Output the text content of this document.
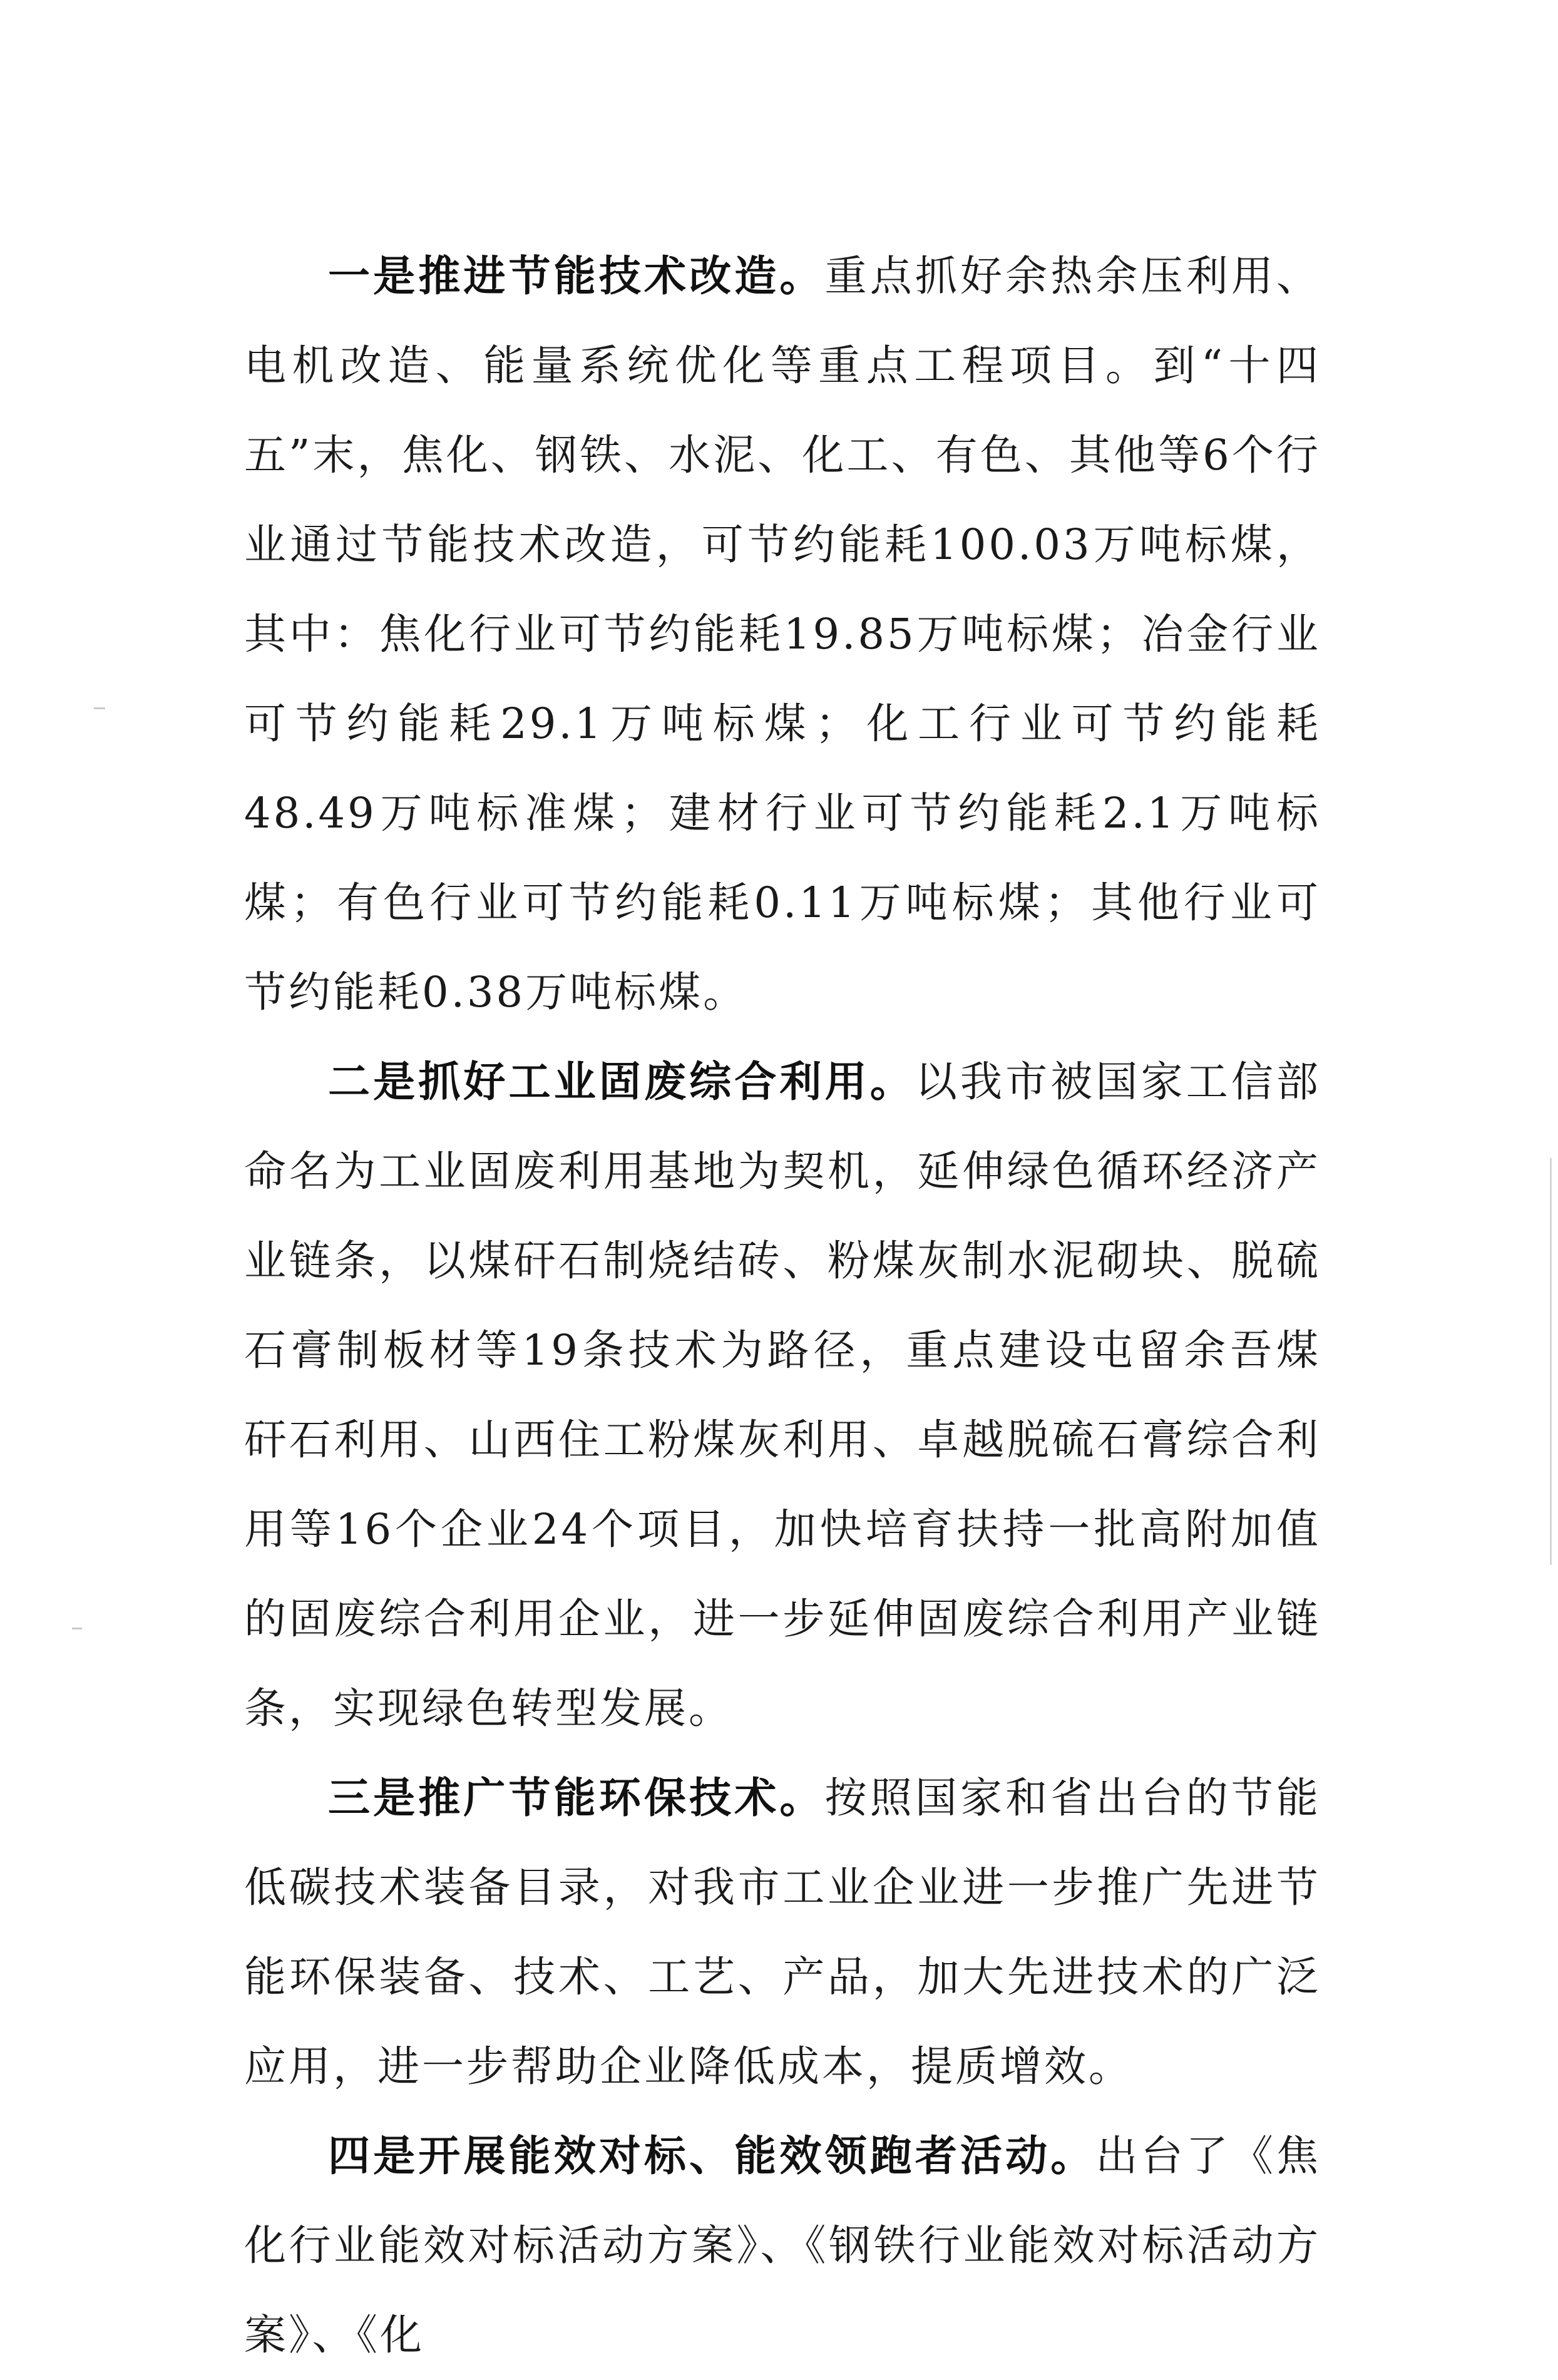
一是推进节能技术改造。重点抓好余热余压利用、电机改造、能量系统优化等重点工程项目。到“十四五”末，焦化、钢铁、水泥、化工、有色、其他等6个行业通过节能技术改造，可节约能耗100.03万吨标煤，其中：焦化行业可节约能耗19.85万吨标煤；冶金行业可节约能耗29.1万吨标煤；化工行业可节约能耗48.49万吨标准煤；建材行业可节约能耗2.1万吨标煤；有色行业可节约能耗0.11万吨标煤；其他行业可节约能耗0.38万吨标煤。

二是抓好工业固废综合利用。以我市被国家工信部命名为工业固废利用基地为契机，延伸绿色循环经济产业链条，以煤矸石制烧结砖、粉煤灰制水泥砌块、脱硫石膏制板材等19条技术为路径，重点建设屯留余吾煤矸石利用、山西住工粉煤灰利用、卓越脱硫石膏综合利用等16个企业24个项目，加快培育扶持一批高附加值的固废综合利用企业，进一步延伸固废综合利用产业链条，实现绿色转型发展。

三是推广节能环保技术。按照国家和省出台的节能低碳技术装备目录，对我市工业企业进一步推广先进节能环保装备、技术、工艺、产品，加大先进技术的广泛应用，进一步帮助企业降低成本，提质增效。

四是开展能效对标、能效领跑者活动。出台了《焦化行业能效对标活动方案》、《钢铁行业能效对标活动方案》、《化
